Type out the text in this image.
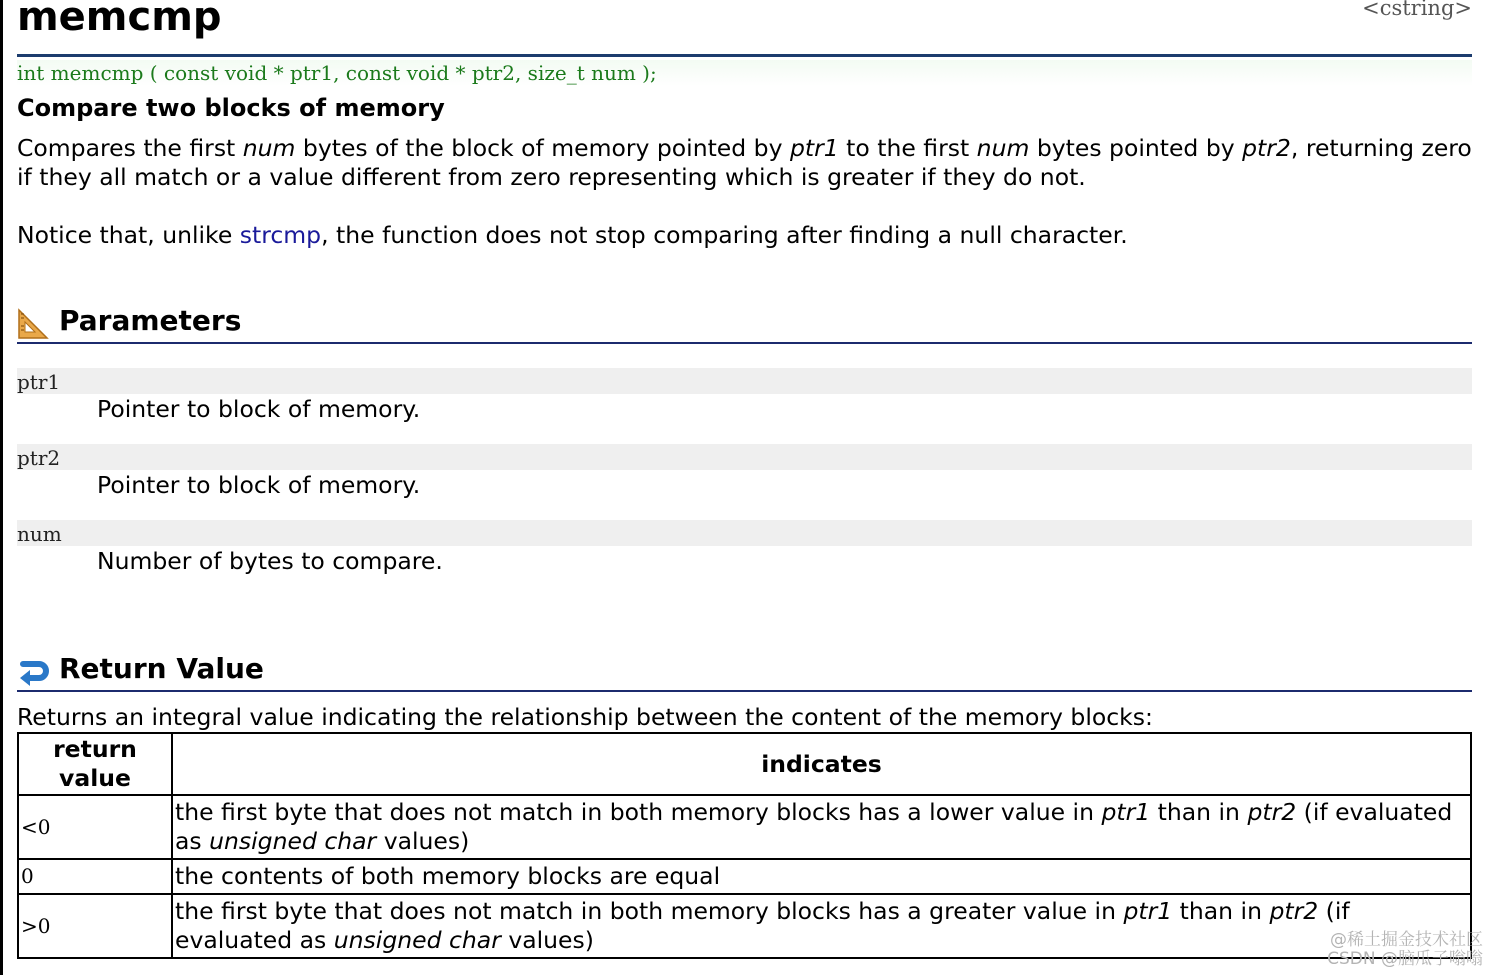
memcmp	<cstring>
int memcmp ( const void * ptr1, const void * ptr2, size_t num );
Compare two blocks of memory

Compares the first num bytes of the block of memory pointed by ptr1 to the first num bytes pointed by ptr2, returning zero if they all match or a value different from zero representing which is greater if they do not.

Notice that, unlike strcmp, the function does not stop comparing after finding a null character.

Parameters
ptr1
Pointer to block of memory.
ptr2
Pointer to block of memory.
num
Number of bytes to compare.
Return Value

Returns an integral value indicating the relationship between the content of the memory blocks:

return value	indicates
<0	the first byte that does not match in both memory blocks has a lower value in ptr1 than in ptr2 (if evaluated as unsigned char values)
0	the contents of both memory blocks are equal
>0	the first byte that does not match in both memory blocks has a greater value in ptr1 than in ptr2 (if evaluated as unsigned char values)	@稀土掘金技术社区
CSDN @脑瓜子嗡嗡
